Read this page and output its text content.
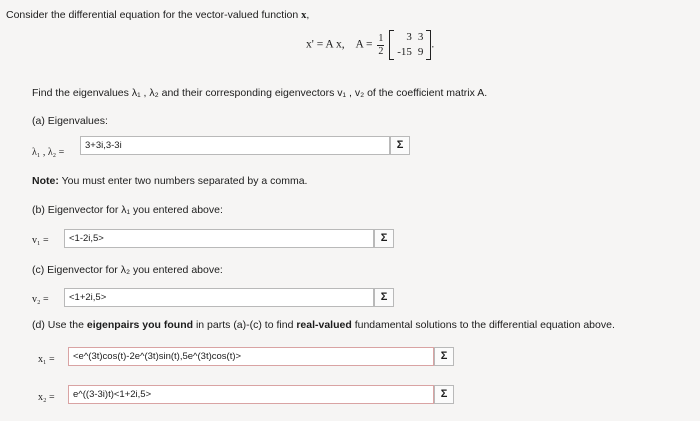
Consider the differential equation for the vector-valued function x,
x' = A x, $A = \frac{1}{2}$
3	3
-15	9
.
Find the eigenvalues λ₁ , λ₂ and their corresponding eigenvectors v₁ , v₂ of the coefficient matrix A.
(a) Eigenvalues:
λ₁ , λ₂ =
3+3i,3-3i	Σ
Note: You must enter two numbers separated by a comma.
(b) Eigenvector for λ₁ you entered above:
v₁ =	<1-2i,5>	Σ
(c) Eigenvector for λ₂ you entered above:
v₂ =	<1+2i,5>	Σ
(d) Use the eigenpairs you found in parts (a)-(c) to find real-valued fundamental solutions to the differential equation above.
x₁ =	<e^(3t)cos(t)-2e^(3t)sin(t),5e^(3t)cos(t)>	Σ
x₂ =	e^((3-3i)t)<1+2i,5>	Σ
